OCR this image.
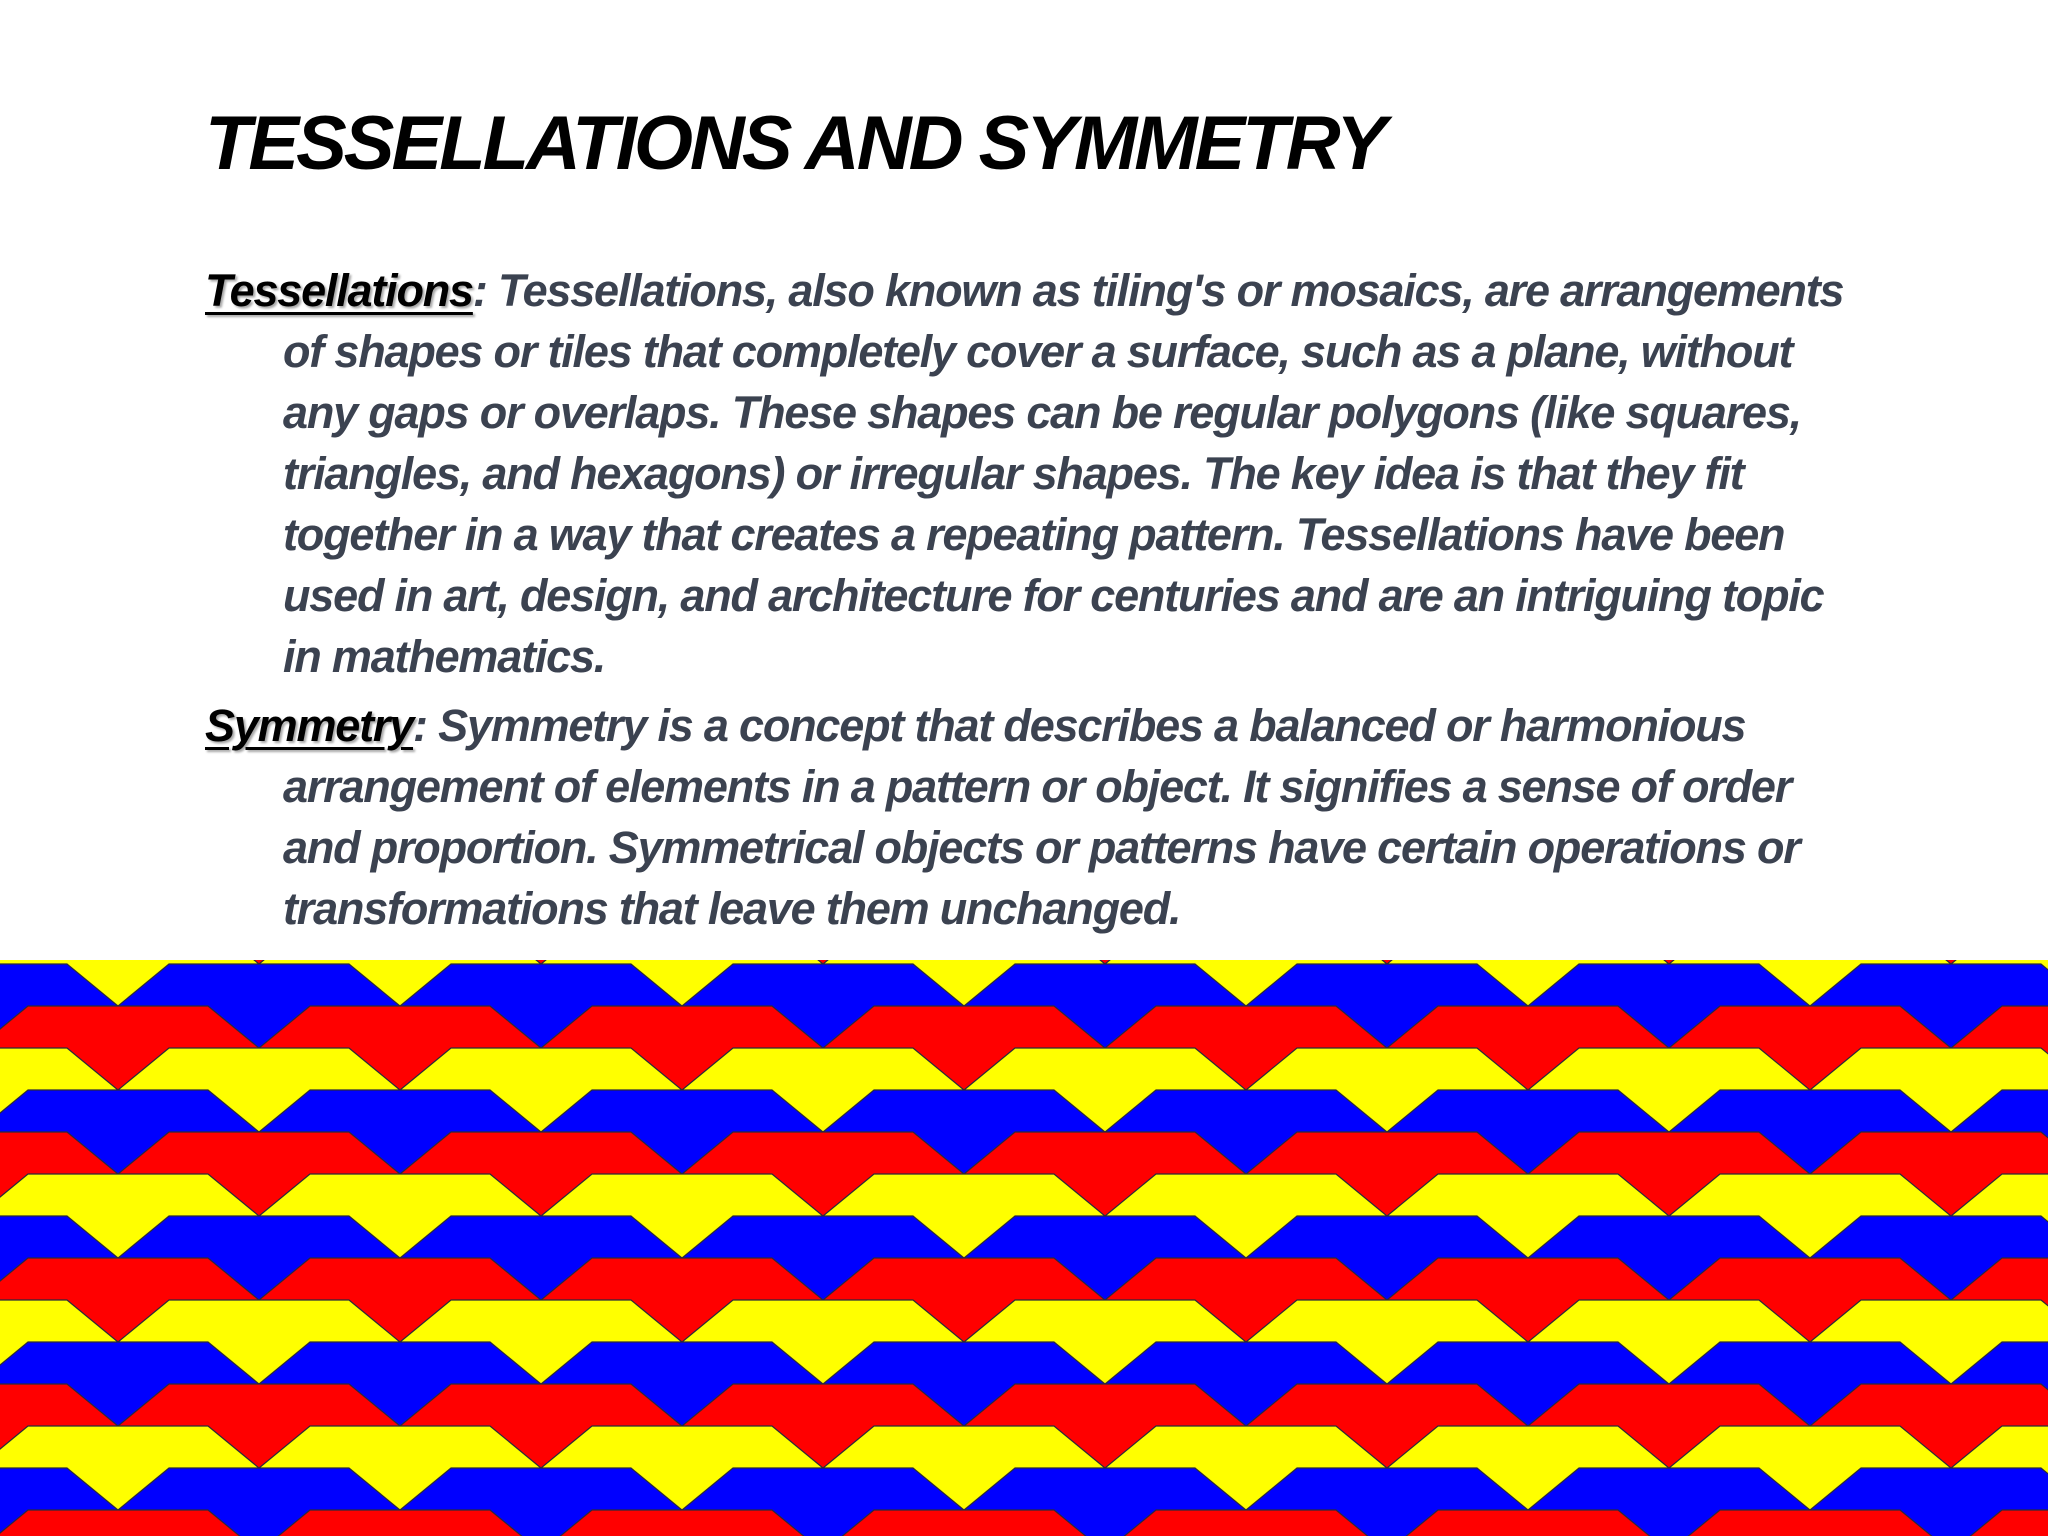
TESSELLATIONS AND SYMMETRY

Tessellations: Tessellations, also known as tiling's or mosaics, are arrangements of shapes or tiles that completely cover a surface, such as a plane, without any gaps or overlaps. These shapes can be regular polygons (like squares, triangles, and hexagons) or irregular shapes. The key idea is that they fit together in a way that creates a repeating pattern. Tessellations have been used in art, design, and architecture for centuries and are an intriguing topic in mathematics.

Symmetry: Symmetry is a concept that describes a balanced or harmonious arrangement of elements in a pattern or object. It signifies a sense of order and proportion. Symmetrical objects or patterns have certain operations or transformations that leave them unchanged.
